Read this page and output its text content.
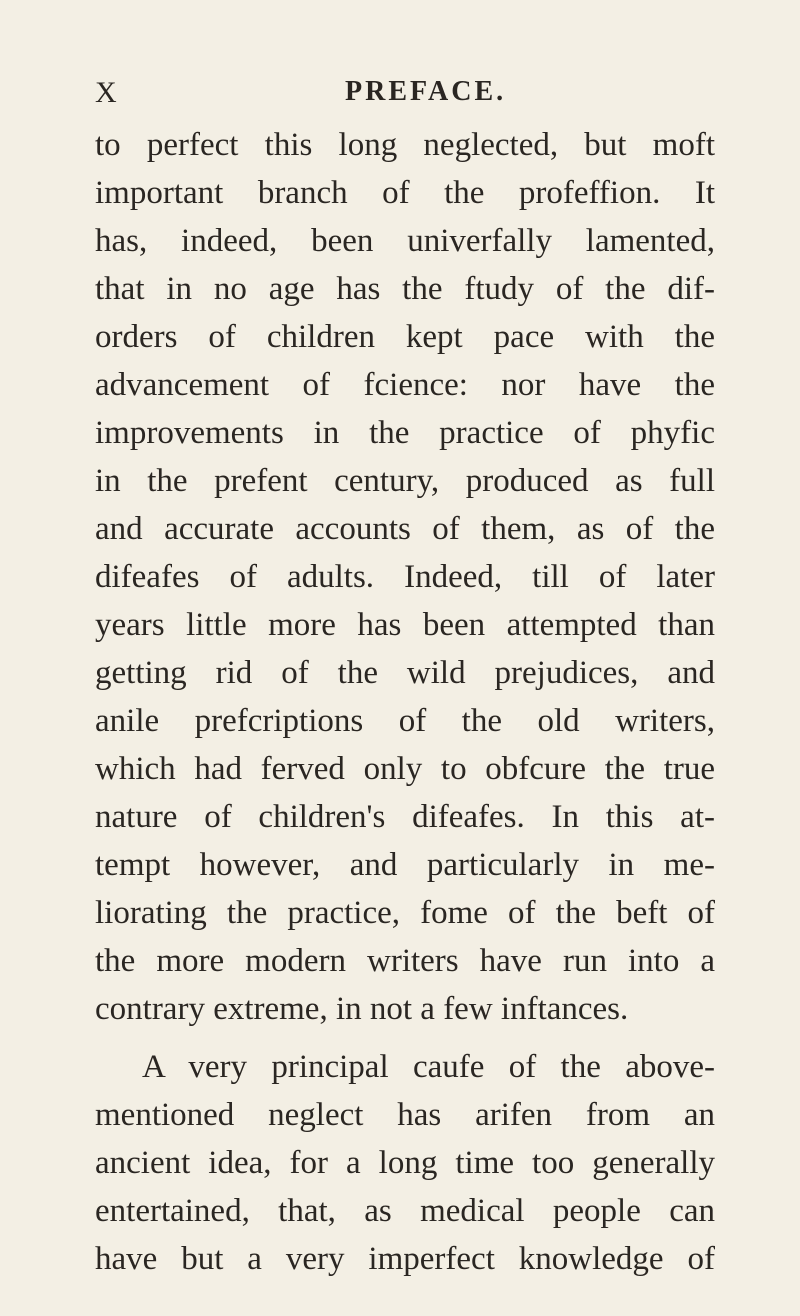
X	PREFACE.
to perfect this long neglected, but moft
important branch of the profeffion. It
has, indeed, been univerfally lamented,
that in no age has the ftudy of the dif-
orders of children kept pace with the
advancement of fcience: nor have the
improvements in the practice of phyfic
in the prefent century, produced as full
and accurate accounts of them, as of the
difeafes of adults. Indeed, till of later
years little more has been attempted than
getting rid of the wild prejudices, and
anile prefcriptions of the old writers,
which had ferved only to obfcure the true
nature of children's difeafes. In this at-
tempt however, and particularly in me-
liorating the practice, fome of the beft of
the more modern writers have run into a
contrary extreme, in not a few inftances.
A very principal caufe of the above-
mentioned neglect has arifen from an
ancient idea, for a long time too generally
entertained, that, as medical people can
have but a very imperfect knowledge of
